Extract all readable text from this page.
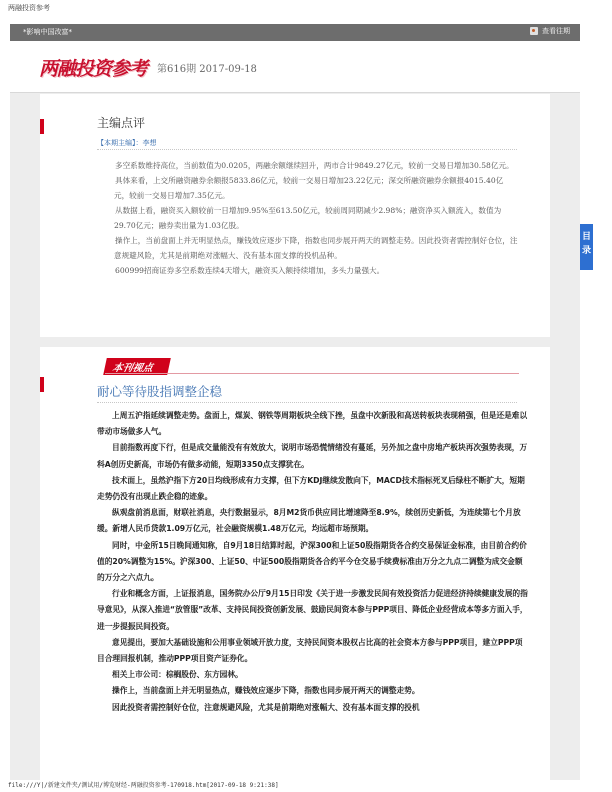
两融投资参考
*影响中国改富*	查看往期
两融投资参考 第616期 2017-09-18
主编点评
【本期主编】：李想

多空系数维持高位，当前数值为0.0205，两融余额继续回升，两市合计9849.27亿元，较前一交易日增加30.58亿元。

具体来看，上交所融资融券余额报5833.86亿元，较前一交易日增加23.22亿元；深交所融资融券余额报4015.40亿元，较前一交易日增加7.35亿元。

从数据上看，融资买入额较前一日增加9.95%至613.50亿元，较前周同期减少2.98%；融资净买入额流入，数值为29.70亿元；融券卖出量为1.03亿股。

操作上，当前盘面上并无明显热点，赚钱效应逐步下降，指数也同步展开两天的调整走势。因此投资者需控制好仓位，注意规避风险，尤其是前期绝对涨幅大、没有基本面支撑的投机品种。

600999招商证券多空系数连续4天增大，融资买入额持续增加，多头力量强大。

本刊视点
耐心等待股指调整企稳

上周五沪指延续调整走势。盘面上，煤炭、钢铁等周期板块全线下挫，虽盘中次新股和高送转板块表现稍强，但是还是难以带动市场做多人气。

目前指数再度下行，但是成交量能没有有效放大，说明市场恐慌情绪没有蔓延，另外加之盘中房地产板块再次强势表现，万科A创历史新高，市场仍有做多动能，短期3350点支撑犹在。

技术面上，虽然沪指下方20日均线形成有力支撑，但下方KDJ继续发散向下，MACD技术指标死叉后绿柱不断扩大，短期走势仍没有出现止跌企稳的迹象。

纵观盘前消息面，财联社消息，央行数据显示，8月M2货币供应同比增速降至8.9%，续创历史新低，为连续第七个月放缓。新增人民币贷款1.09万亿元，社会融资规模1.48万亿元，均远超市场预期。

同时，中金所15日晚间通知称，自9月18日结算时起，沪深300和上证50股指期货各合约交易保证金标准，由目前合约价值的20%调整为15%。沪深300、上证50、中证500股指期货各合约平今仓交易手续费标准由万分之九点二调整为成交金额的万分之六点九。

行业和概念方面，上证报消息，国务院办公厅9月15日印发《关于进一步激发民间有效投资活力促进经济持续健康发展的指导意见》，从深入推进“放管服”改革、支持民间投资创新发展、鼓励民间资本参与PPP项目、降低企业经营成本等多方面入手，进一步提振民间投资。

意见提出，要加大基础设施和公用事业领域开放力度，支持民间资本股权占比高的社会资本方参与PPP项目，建立PPP项目合理回报机制，推动PPP项目资产证券化。

相关上市公司：棕榈股份、东方园林。

操作上，当前盘面上并无明显热点，赚钱效应逐步下降，指数也同步展开两天的调整走势。

因此投资者需控制好仓位，注意规避风险，尤其是前期绝对涨幅大、没有基本面支撑的投机

目录
file:///Y|/新建文件夹/测试用/博览财经-两融投资参考-170918.htm[2017-09-18 9:21:38]
